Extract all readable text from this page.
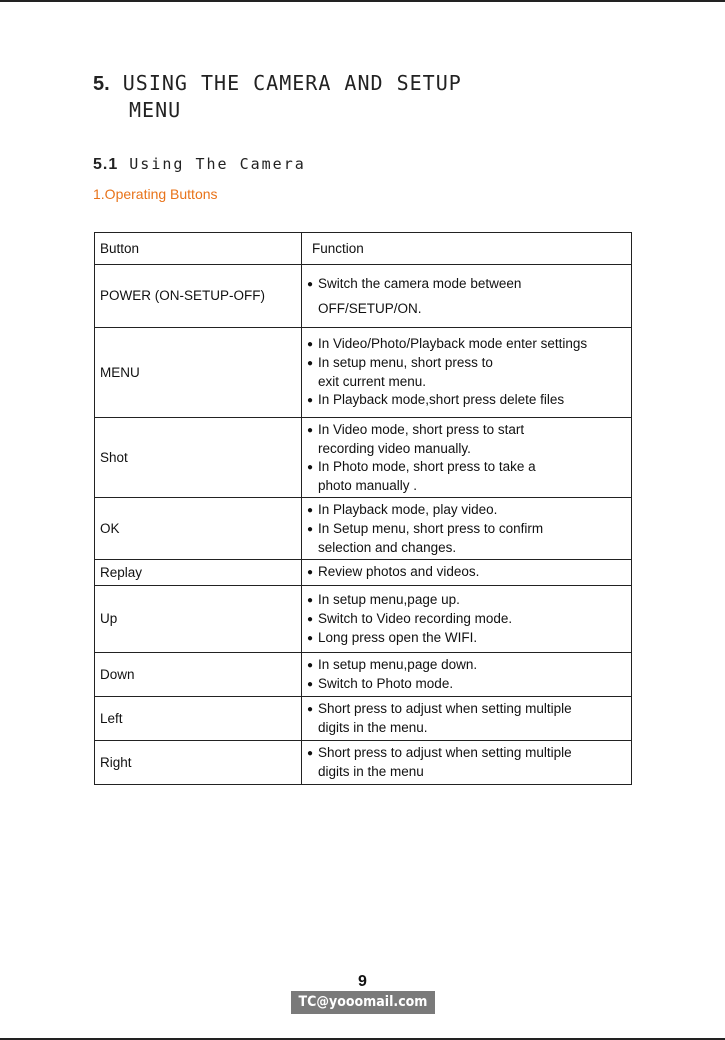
5. USING THE CAMERA AND SETUP
MENU
5.1 Using The Camera
1.Operating Buttons
Button	Function
POWER (ON-SETUP-OFF)	● Switch the camera mode between
OFF/SETUP/ON.

MENU	● In Video/Photo/Playback mode enter settings
● In setup menu, short press to
exit current menu.
● In Playback mode,short press delete files

Shot	● In Video mode, short press to start
recording video manually.
● In Photo mode, short press to take a
photo manually .

OK	● In Playback mode, play video.
● In Setup menu, short press to confirm
selection and changes.

Replay	● Review photos and videos.

Up	● In setup menu,page up.
● Switch to Video recording mode.
● Long press open the WIFI.

Down	● In setup menu,page down.
● Switch to Photo mode.

Left	● Short press to adjust when setting multiple
digits in the menu.

Right	● Short press to adjust when setting multiple
digits in the menu
9
TC@yooomail.com
